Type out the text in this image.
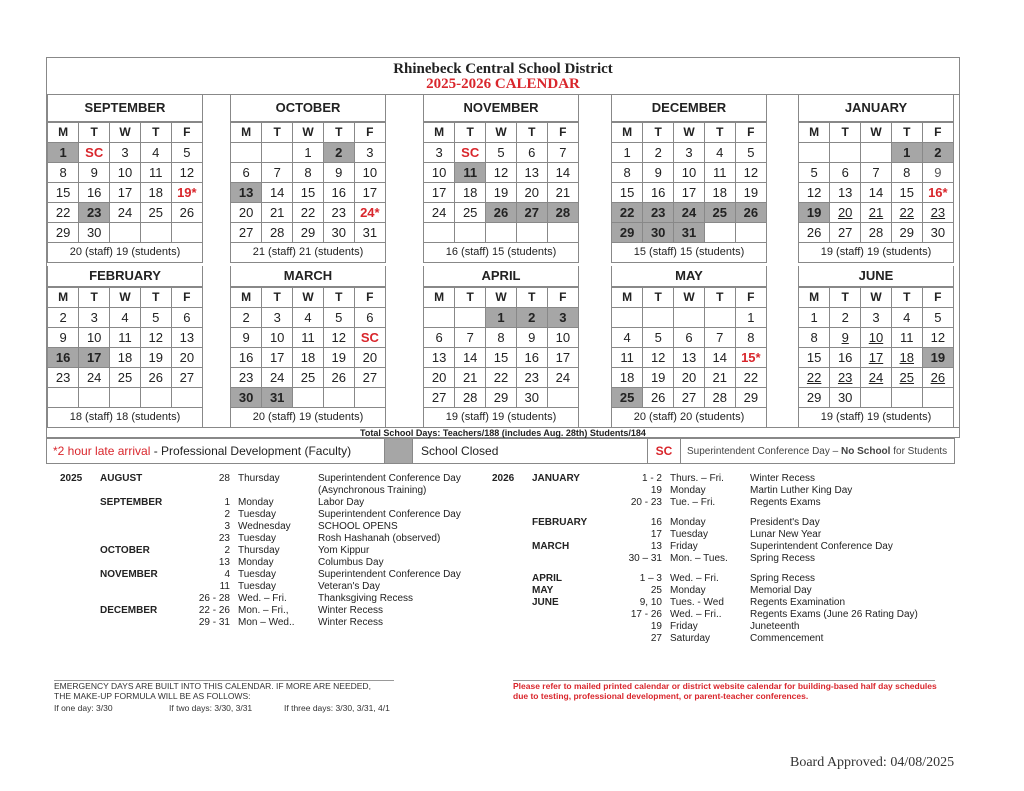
Rhinebeck Central School District
2025-2026 CALENDAR
SEPTEMBER
M	T	W	T	F
1	SC	3	4	5
8	9	10	11	12
15	16	17	18	19*
22	23	24	25	26
29	30			
20 (staff) 19 (students)
OCTOBER
M	T	W	T	F
		1	2	3
6	7	8	9	10
13	14	15	16	17
20	21	22	23	24*
27	28	29	30	31
21 (staff) 21 (students)
NOVEMBER
M	T	W	T	F
3	SC	5	6	7
10	11	12	13	14
17	18	19	20	21
24	25	26	27	28

16 (staff) 15 (students)
DECEMBER
M	T	W	T	F
1	2	3	4	5
8	9	10	11	12
15	16	17	18	19
22	23	24	25	26
29	30	31		
15 (staff) 15 (students)
JANUARY
M	T	W	T	F
			1	2
5	6	7	8	9
12	13	14	15	16*
19	20	21	22	23
26	27	28	29	30
19 (staff) 19 (students)
FEBRUARY
M	T	W	T	F
2	3	4	5	6
9	10	11	12	13
16	17	18	19	20
23	24	25	26	27

18 (staff) 18 (students)
MARCH
M	T	W	T	F
2	3	4	5	6
9	10	11	12	SC
16	17	18	19	20
23	24	25	26	27
30	31			
20 (staff) 19 (students)
APRIL
M	T	W	T	F
		1	2	3
6	7	8	9	10
13	14	15	16	17
20	21	22	23	24
27	28	29	30	
19 (staff) 19 (students)
MAY
M	T	W	T	F
				1
4	5	6	7	8
11	12	13	14	15*
18	19	20	21	22
25	26	27	28	29
20 (staff) 20 (students)
JUNE
M	T	W	T	F
1	2	3	4	5
8	9	10	11	12
15	16	17	18	19
22	23	24	25	26
29	30			
19 (staff) 19 (students)
Total School Days: Teachers/188 (includes Aug. 28th) Students/184
*2 hour late arrival - Professional Development (Faculty)	School Closed	SC	Superintendent Conference Day – No School for Students
2025	AUGUST	28 Thursday	Superintendent Conference Day
(Asynchronous Training)
SEPTEMBER	1 Monday	Labor Day
2 Tuesday	Superintendent Conference Day
3 Wednesday	SCHOOL OPENS
23 Tuesday	Rosh Hashanah (observed)
OCTOBER	2 Thursday	Yom Kippur
13 Monday	Columbus Day
NOVEMBER	4 Tuesday	Superintendent Conference Day
11 Tuesday	Veteran's Day
26 - 28 Wed. – Fri.	Thanksgiving Recess
DECEMBER	22 - 26 Mon. – Fri.,	Winter Recess
29 - 31 Mon – Wed..	Winter Recess
2026	JANUARY	1 - 2 Thurs. – Fri.	Winter Recess
19 Monday	Martin Luther King Day
20 - 23 Tue. – Fri.	Regents Exams
FEBRUARY	16 Monday	President's Day
17 Tuesday	Lunar New Year
MARCH	13 Friday	Superintendent Conference Day
30 – 31 Mon. – Tues.	Spring Recess
APRIL	1 – 3 Wed. – Fri.	Spring Recess
MAY	25 Monday	Memorial Day
JUNE	9, 10 Tues. - Wed	Regents Examination
17 - 26 Wed. – Fri..	Regents Exams (June 26 Rating Day)
19 Friday	Juneteenth
27 Saturday	Commencement
EMERGENCY DAYS ARE BUILT INTO THIS CALENDAR. IF MORE ARE NEEDED,
THE MAKE-UP FORMULA WILL BE AS FOLLOWS:
If one day: 3/30	If two days: 3/30, 3/31	If three days: 3/30, 3/31, 4/1
Please refer to mailed printed calendar or district website calendar for building-based half day schedules due to testing, professional development, or parent-teacher conferences.
Board Approved: 04/08/2025
